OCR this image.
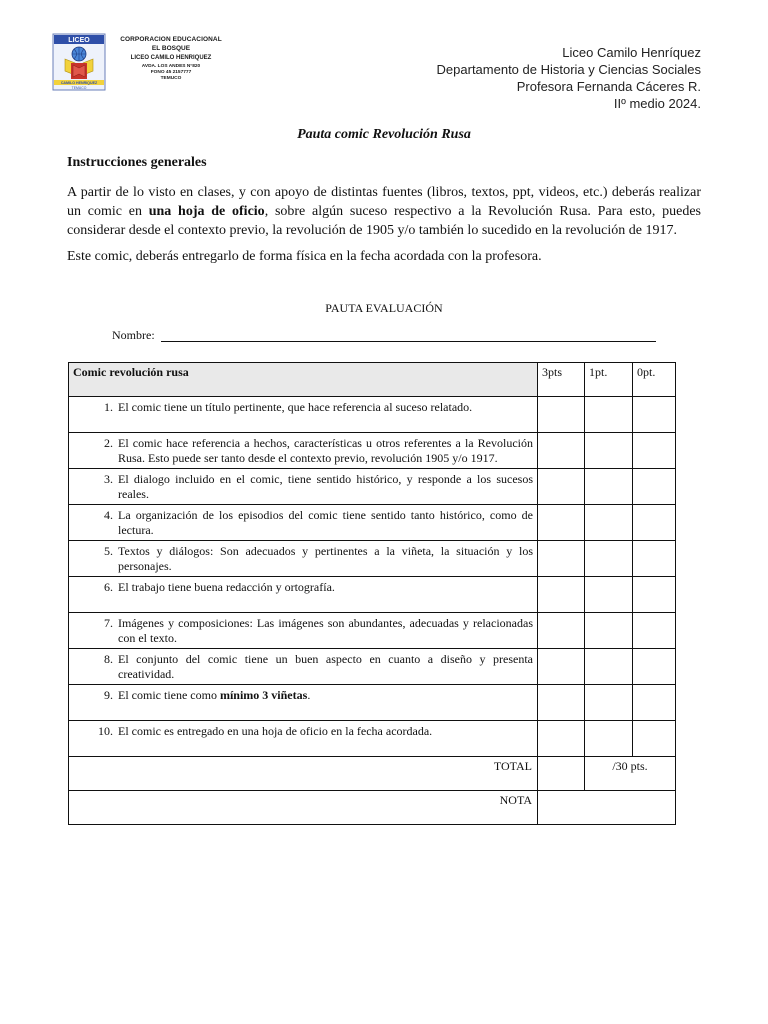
LICEO
CAMILO HENRIQUEZ
TEMUCO
CORPORACION EDUCACIONAL
EL BOSQUE
LICEO CAMILO HENRIQUEZ
AVDA. LOS ANDES N°820
FONO 45 2157777
TEMUCO
Liceo Camilo Henríquez
Departamento de Historia y Ciencias Sociales
Profesora Fernanda Cáceres R.
IIº medio 2024.
Pauta comic Revolución Rusa
Instrucciones generales
A partir de lo visto en clases, y con apoyo de distintas fuentes (libros, textos, ppt, videos, etc.) deberás realizar un comic en una hoja de oficio, sobre algún suceso respectivo a la Revolución Rusa. Para esto, puedes considerar desde el contexto previo, la revolución de 1905 y/o también lo sucedido en la revolución de 1917.
Este comic, deberás entregarlo de forma física en la fecha acordada con la profesora.
PAUTA EVALUACIÓN
Nombre:
Comic revolución rusa	3pts	1pt.	0pt.

1. El comic tiene un título pertinente, que hace referencia al suceso relatado.			

2. El comic hace referencia a hechos, características u otros referentes a la Revolución Rusa. Esto puede ser tanto desde el contexto previo, revolución 1905 y/o 1917.			

3. El dialogo incluido en el comic, tiene sentido histórico, y responde a los sucesos reales.			

4. La organización de los episodios del comic tiene sentido tanto histórico, como de lectura.			

5. Textos y diálogos: Son adecuados y pertinentes a la viñeta, la situación y los personajes.			

6. El trabajo tiene buena redacción y ortografía.			

7. Imágenes y composiciones: Las imágenes son abundantes, adecuadas y relacionadas con el texto.			

8. El conjunto del comic tiene un buen aspecto en cuanto a diseño y presenta creatividad.			

9. El comic tiene como mínimo 3 viñetas.			

10. El comic es entregado en una hoja de oficio en la fecha acordada.			

TOTAL		/30 pts.	
NOTA			
